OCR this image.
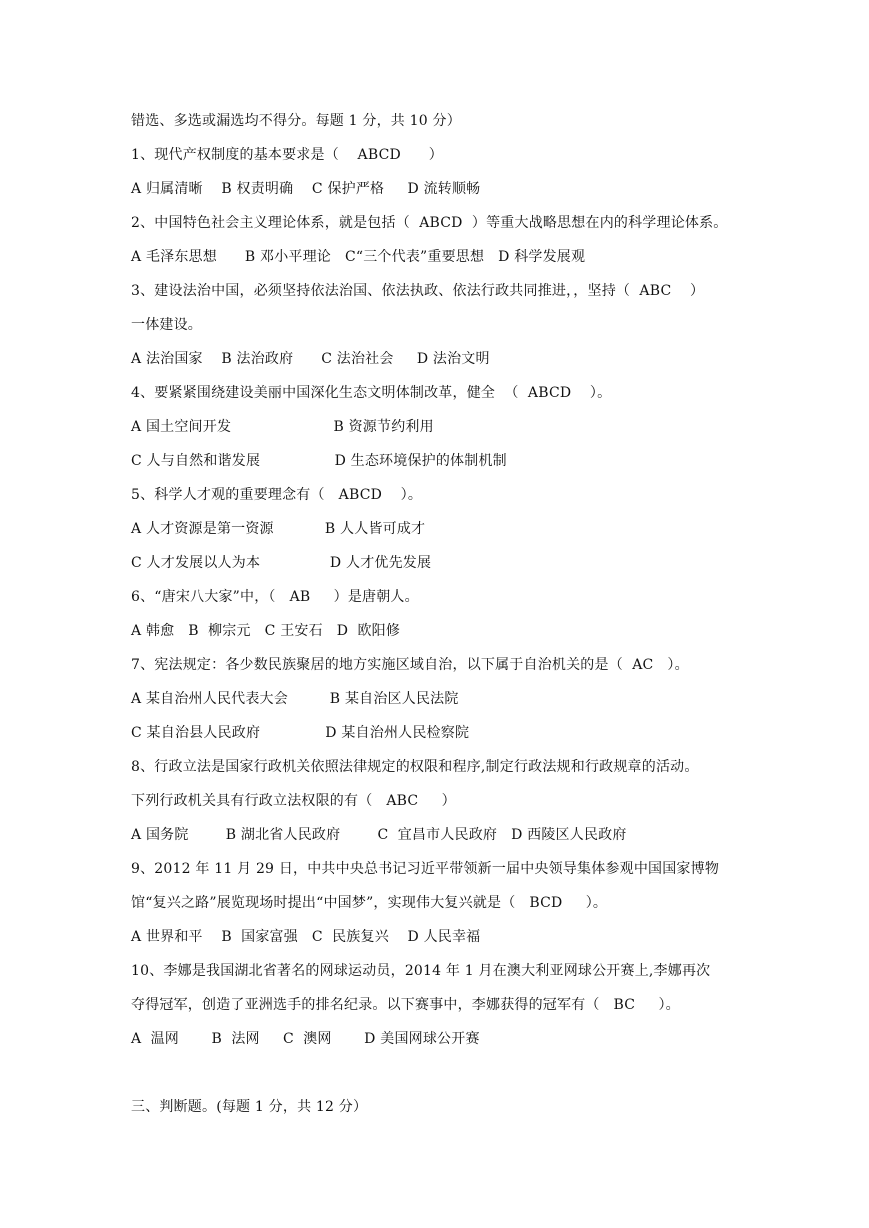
错选、多选或漏选均不得分。每题 1 分，共 10 分）
1、现代产权制度的基本要求是（    ABCD      ）
A 归属清晰    B 权责明确    C 保护严格     D 流转顺畅
2、中国特色社会主义理论体系，就是包括（  ABCD  ）等重大战略思想在内的科学理论体系。
A 毛泽东思想      B 邓小平理论   C“三个代表”重要思想   D 科学发展观
3、建设法治中国，必须坚持依法治国、依法执政、依法行政共同推进，，坚持（  ABC    ）
一体建设。
A 法治国家    B 法治政府      C 法治社会     D 法治文明
4、要紧紧围绕建设美丽中国深化生态文明体制改革，健全  （  ABCD    ）。
A 国土空间开发                      B 资源节约利用
C 人与自然和谐发展                D 生态环境保护的体制机制
5、科学人才观的重要理念有（   ABCD    ）。
A 人才资源是第一资源           B 人人皆可成才
C 人才发展以人为本               D 人才优先发展
6、“唐宋八大家”中，（   AB     ）是唐朝人。
A 韩愈   B  柳宗元   C 王安石   D  欧阳修
7、宪法规定：各少数民族聚居的地方实施区域自治，以下属于自治机关的是（  AC   ）。
A 某自治州人民代表大会         B 某自治区人民法院
C 某自治县人民政府              D 某自治州人民检察院
8、行政立法是国家行政机关依照法律规定的权限和程序,制定行政法规和行政规章的活动。
下列行政机关具有行政立法权限的有（   ABC     ）
A 国务院        B 湖北省人民政府        C  宜昌市人民政府   D 西陵区人民政府
9、2012 年 11 月 29 日，中共中央总书记习近平带领新一届中央领导集体参观中国国家博物
馆“复兴之路”展览现场时提出“中国梦”，实现伟大复兴就是（   BCD     ）。
A 世界和平    B  国家富强   C  民族复兴    D 人民幸福
10、李娜是我国湖北省著名的网球运动员，2014 年 1 月在澳大利亚网球公开赛上,李娜再次
夺得冠军，创造了亚洲选手的排名纪录。以下赛事中，李娜获得的冠军有（   BC     ）。
A  温网       B  法网     C  澳网       D 美国网球公开赛
三、判断题。(每题 1 分，共 12 分）
